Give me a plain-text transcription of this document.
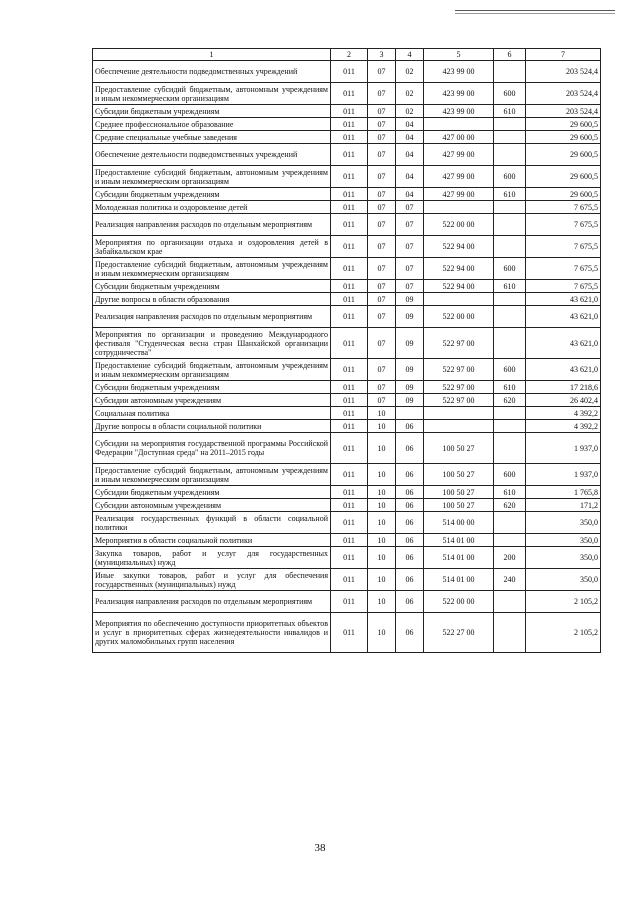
1	2	3	4	5	6	7
Обеспечение деятельности подведомственных учреждений	011	07	02	423 99 00		203 524,4
Предоставление субсидий бюджетным, автономным учреждениям и иным некоммерческим организациям	011	07	02	423 99 00	600	203 524,4
Субсидии бюджетным учреждениям	011	07	02	423 99 00	610	203 524,4
Среднее профессиональное образование	011	07	04			29 600,5
Средние специальные учебные заведения	011	07	04	427 00 00		29 600,5
Обеспечение деятельности подведомственных учреждений	011	07	04	427 99 00		29 600,5
Предоставление субсидий бюджетным, автономным учреждениям и иным некоммерческим организациям	011	07	04	427 99 00	600	29 600,5
Субсидии бюджетным учреждениям	011	07	04	427 99 00	610	29 600,5
Молодежная политика и оздоровление детей	011	07	07			7 675,5
Реализация направления расходов по отдельным мероприятиям	011	07	07	522 00 00		7 675,5
Мероприятия по организации отдыха и оздоровления детей в Забайкальском крае	011	07	07	522 94 00		7 675,5
Предоставление субсидий бюджетным, автономным учреждениям и иным некоммерческим организациям	011	07	07	522 94 00	600	7 675,5
Субсидии бюджетным учреждениям	011	07	07	522 94 00	610	7 675,5
Другие вопросы в области образования	011	07	09			43 621,0
Реализация направления расходов по отдельным мероприятиям	011	07	09	522 00 00		43 621,0
Мероприятия по организации и проведению Международного фестиваля "Студенческая весна стран Шанхайской организации сотрудничества"	011	07	09	522 97 00		43 621,0
Предоставление субсидий бюджетным, автономным учреждениям и иным некоммерческим организациям	011	07	09	522 97 00	600	43 621,0
Субсидии бюджетным учреждениям	011	07	09	522 97 00	610	17 218,6
Субсидии автономным учреждениям	011	07	09	522 97 00	620	26 402,4
Социальная политика	011	10				4 392,2
Другие вопросы в области социальной политики	011	10	06			4 392,2
Субсидии на мероприятия государственной программы Российской Федерации "Доступная среда" на 2011–2015 годы	011	10	06	100 50 27		1 937,0
Предоставление субсидий бюджетным, автономным учреждениям и иным некоммерческим организациям	011	10	06	100 50 27	600	1 937,0
Субсидии бюджетным учреждениям	011	10	06	100 50 27	610	1 765,8
Субсидии автономным учреждениям	011	10	06	100 50 27	620	171,2
Реализация государственных функций в области социальной политики	011	10	06	514 00 00		350,0
Мероприятия в области социальной политики	011	10	06	514 01 00		350,0
Закупка товаров, работ и услуг для государственных (муниципальных) нужд	011	10	06	514 01 00	200	350,0
Иные закупки товаров, работ и услуг для обеспечения государственных (муниципальных) нужд	011	10	06	514 01 00	240	350,0
Реализация направления расходов по отдельным мероприятиям	011	10	06	522 00 00		2 105,2
Мероприятия по обеспечению доступности приоритетных объектов и услуг в приоритетных сферах жизнедеятельности инвалидов и других маломобильных групп населения	011	10	06	522 27 00		2 105,2
38
